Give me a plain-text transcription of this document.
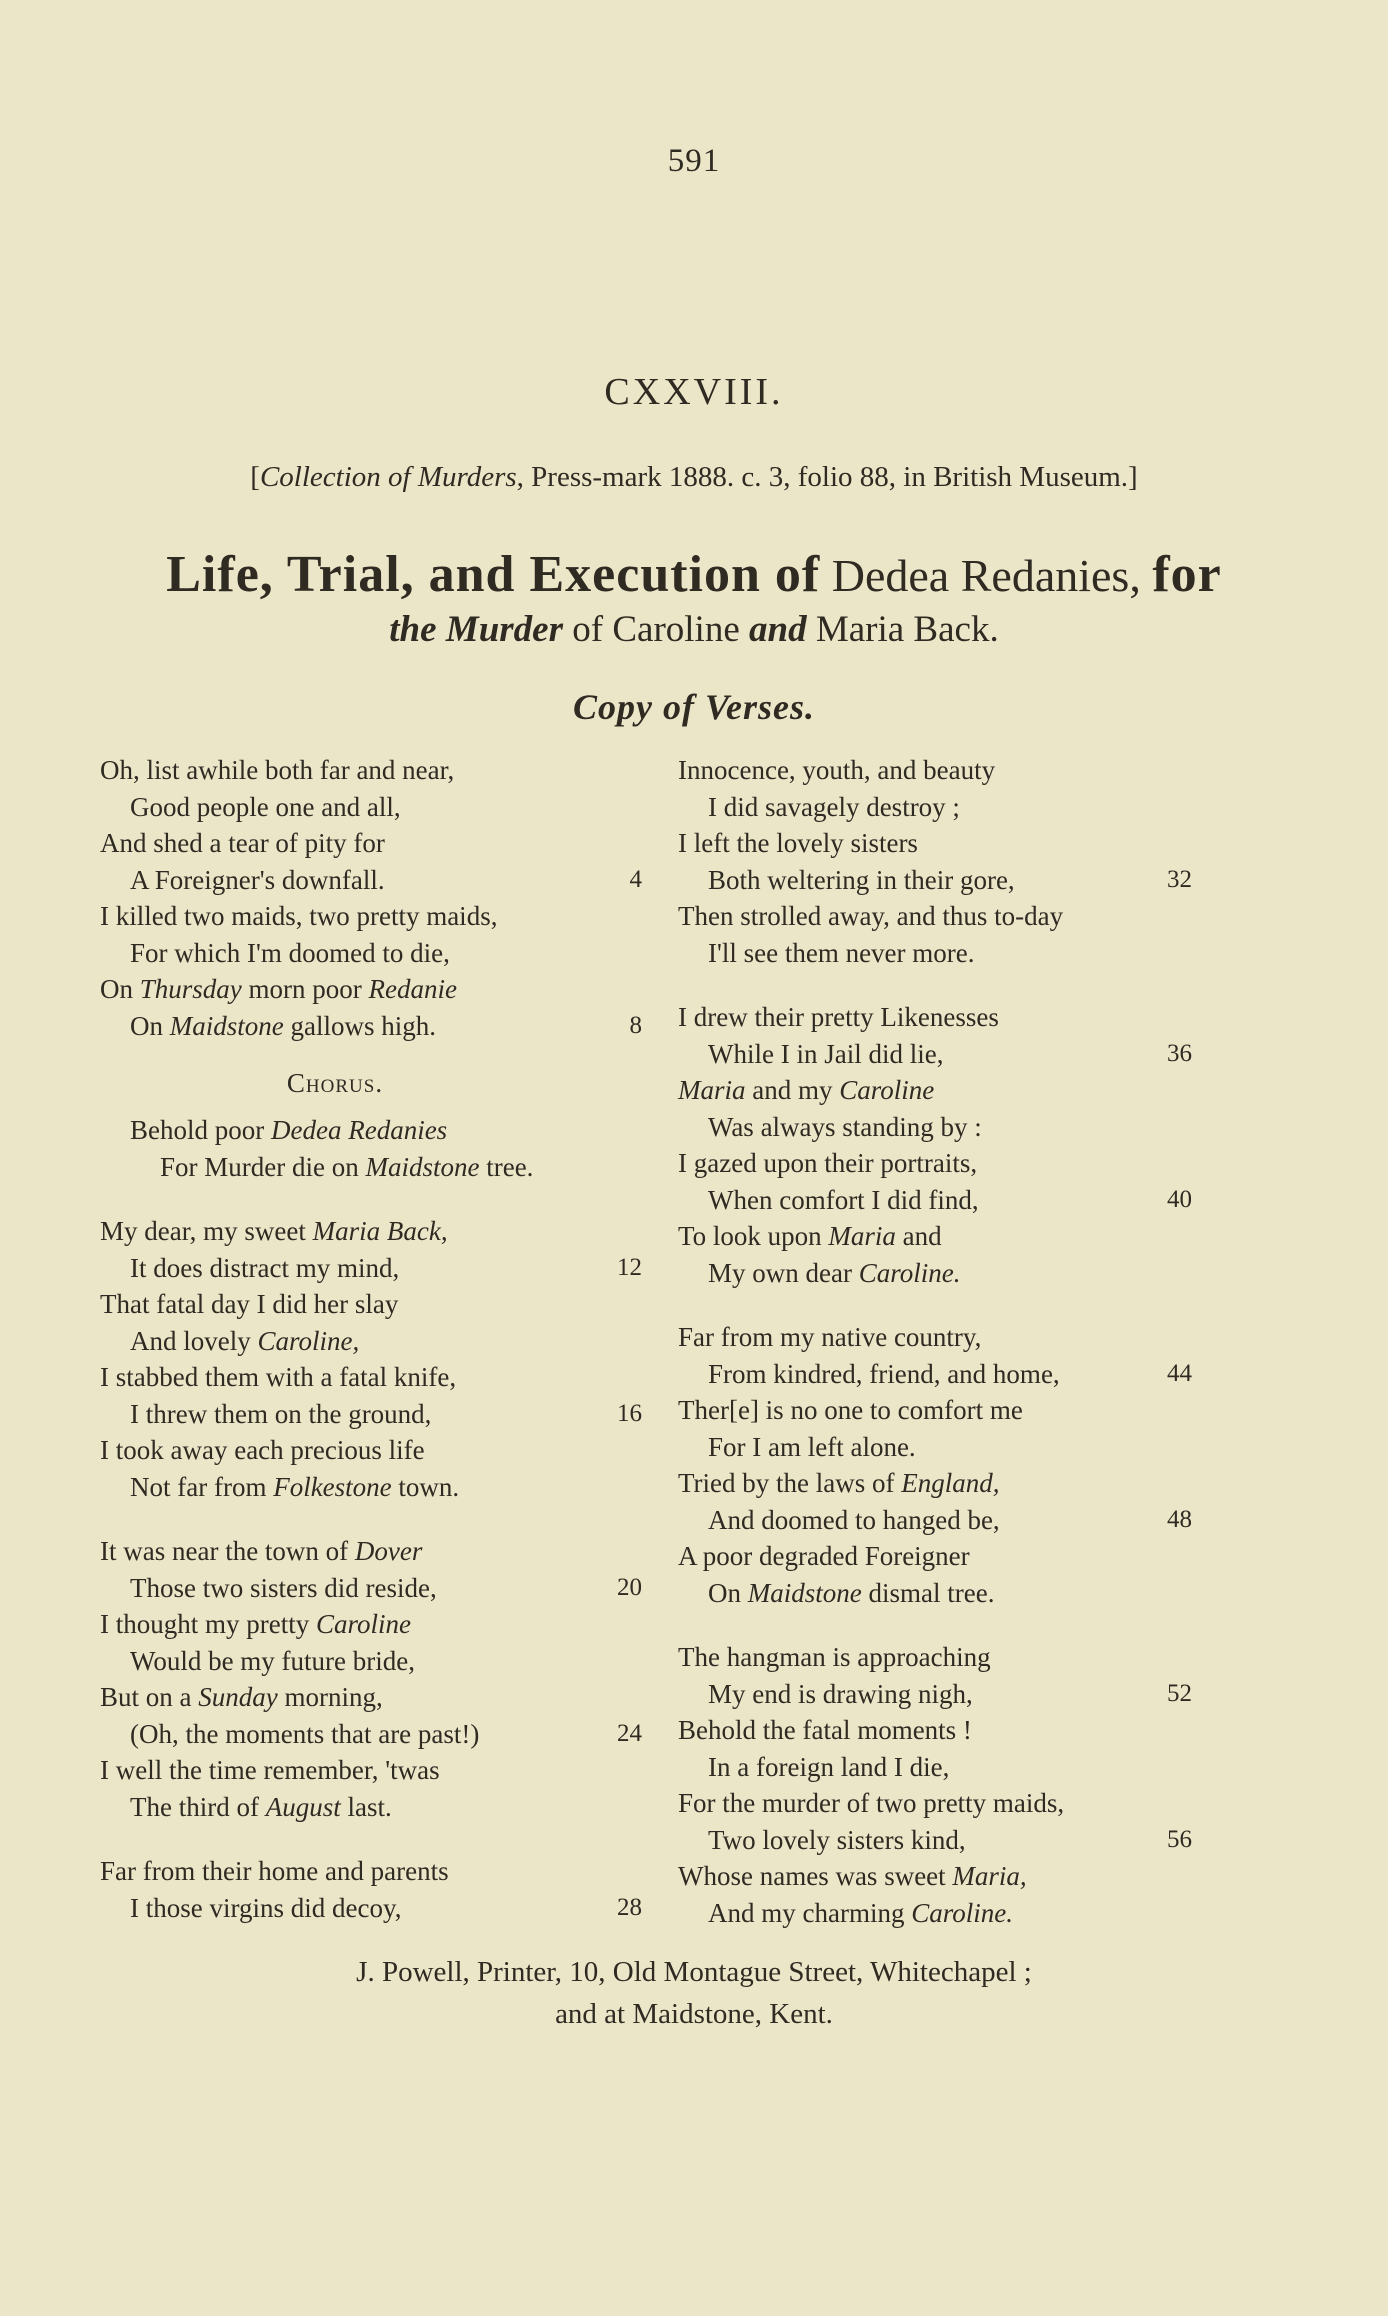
591
CXXVIII.
[Collection of Murders, Press-mark 1888. c. 3, folio 88, in British Museum.]
Life, Trial, and Execution of Dedea Redanies, for
the Murder of Caroline and Maria Back.
Copy of Verses.
Oh, list awhile both far and near,
Good people one and all,
And shed a tear of pity for
A Foreigner's downfall.	4
I killed two maids, two pretty maids,
For which I'm doomed to die,
On Thursday morn poor Redanie
On Maidstone gallows high.	8
Chorus.
Behold poor Dedea Redanies
For Murder die on Maidstone tree.
My dear, my sweet Maria Back,
It does distract my mind,	12
That fatal day I did her slay
And lovely Caroline,
I stabbed them with a fatal knife,
I threw them on the ground,	16
I took away each precious life
Not far from Folkestone town.
It was near the town of Dover
Those two sisters did reside,	20
I thought my pretty Caroline
Would be my future bride,
But on a Sunday morning,
(Oh, the moments that are past!)	24
I well the time remember, 'twas
The third of August last.
Far from their home and parents
I those virgins did decoy,	28
Innocence, youth, and beauty
I did savagely destroy ;
I left the lovely sisters
Both weltering in their gore,	32
Then strolled away, and thus to-day
I'll see them never more.
I drew their pretty Likenesses
While I in Jail did lie,	36
Maria and my Caroline
Was always standing by :
I gazed upon their portraits,
When comfort I did find,	40
To look upon Maria and
My own dear Caroline.
Far from my native country,
From kindred, friend, and home,	44
Ther[e] is no one to comfort me
For I am left alone.
Tried by the laws of England,
And doomed to hanged be,	48
A poor degraded Foreigner
On Maidstone dismal tree.
The hangman is approaching
My end is drawing nigh,	52
Behold the fatal moments !
In a foreign land I die,
For the murder of two pretty maids,
Two lovely sisters kind,	56
Whose names was sweet Maria,
And my charming Caroline.
J. Powell, Printer, 10, Old Montague Street, Whitechapel ;
and at Maidstone, Kent.
